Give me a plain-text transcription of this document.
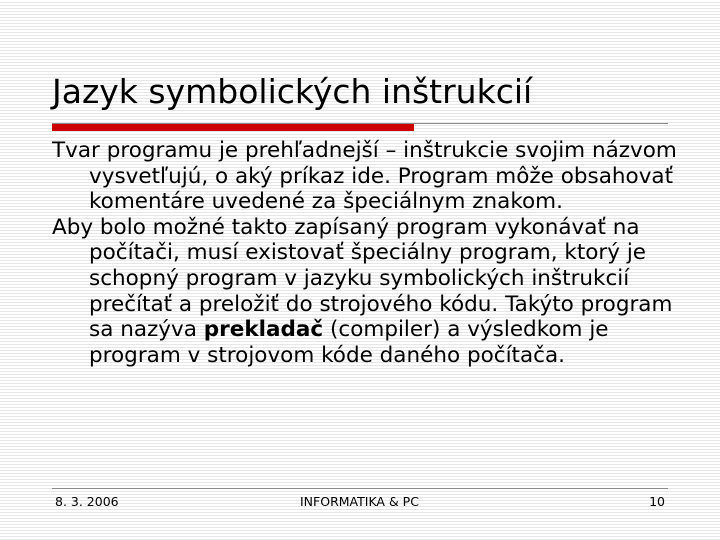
Jazyk symbolických inštrukcií
Tvar programu je prehľadnejší – inštrukcie svojim názvom vysvetľujú, o aký príkaz ide. Program môže obsahovať komentáre uvedené za špeciálnym znakom.
Aby bolo možné takto zapísaný program vykonávať na počítači, musí existovať špeciálny program, ktorý je schopný program v jazyku symbolických inštrukcií prečítať a preložiť do strojového kódu. Takýto program sa nazýva prekladač (compiler) a výsledkom je program v strojovom kóde daného počítača.
8. 3. 2006	INFORMATIKA & PC	10
